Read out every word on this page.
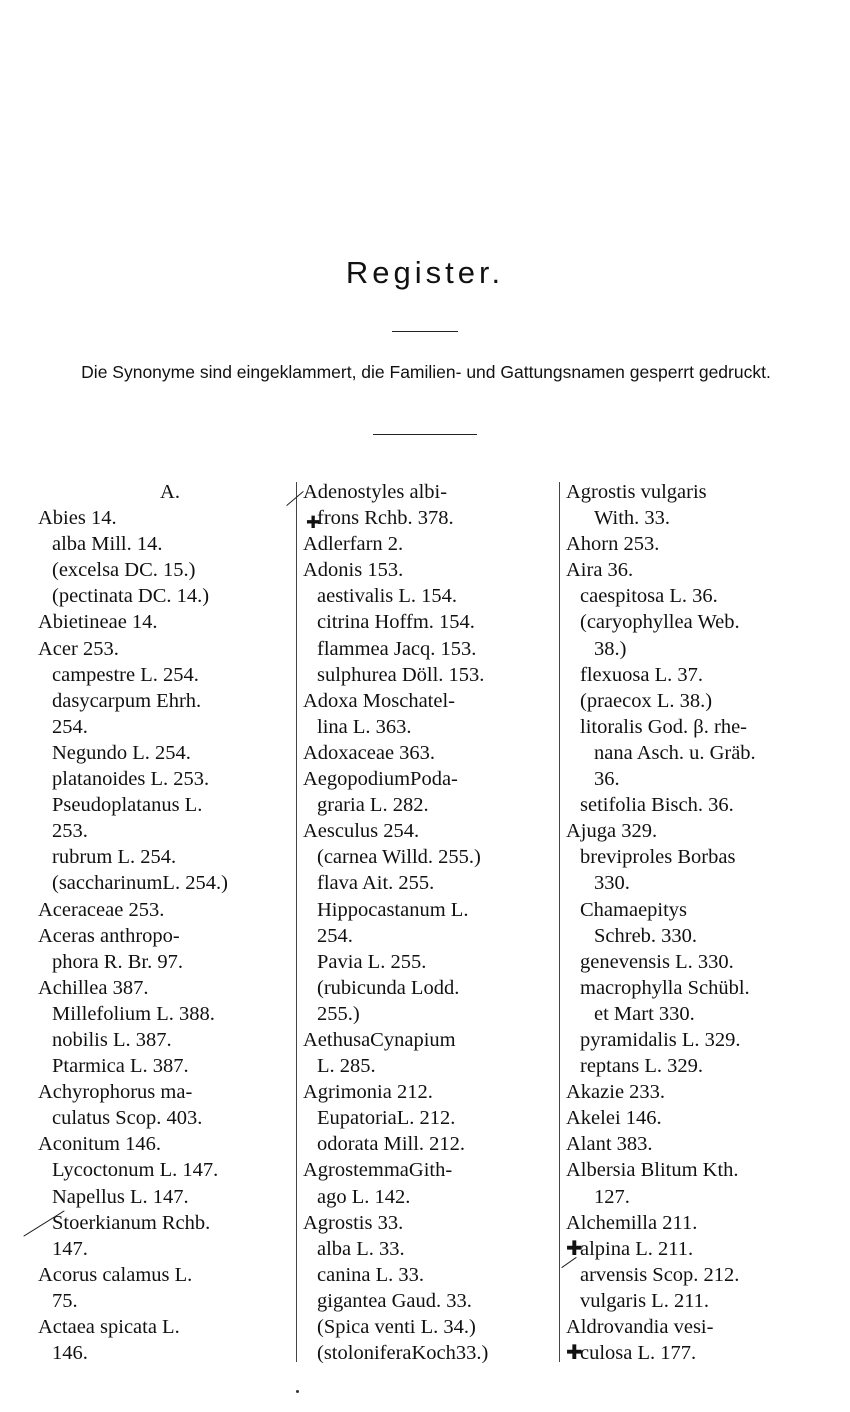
Register.
Die Synonyme sind eingeklammert, die Familien- und Gattungsnamen gesperrt gedruckt.
A.
Abies 14.
alba Mill. 14.
(excelsa DC. 15.)
(pectinata DC. 14.)
Abietineae 14.
Acer 253.
campestre L. 254.
dasycarpum Ehrh.
254.
Negundo L. 254.
platanoides L. 253.
Pseudoplatanus L.
253.
rubrum L. 254.
(saccharinumL. 254.)
Aceraceae 253.
Aceras anthropo-
phora R. Br. 97.
Achillea 387.
Millefolium L. 388.
nobilis L. 387.
Ptarmica L. 387.
Achyrophorus ma-
culatus Scop. 403.
Aconitum 146.
Lycoctonum L. 147.
Napellus L. 147.
Stoerkianum Rchb.
147.
Acorus calamus L.
75.
Actaea spicata L.
146.
Adenostyles albi-
frons Rchb. 378.
Adlerfarn 2.
Adonis 153.
aestivalis L. 154.
citrina Hoffm. 154.
flammea Jacq. 153.
sulphurea Döll. 153.
Adoxa Moschatel-
lina L. 363.
Adoxaceae 363.
AegopodiumPoda-
graria L. 282.
Aesculus 254.
(carnea Willd. 255.)
flava Ait. 255.
Hippocastanum L.
254.
Pavia L. 255.
(rubicunda Lodd.
255.)
AethusaCynapium
L. 285.
Agrimonia 212.
EupatoriaL. 212.
odorata Mill. 212.
AgrostemmaGith-
ago L. 142.
Agrostis 33.
alba L. 33.
canina L. 33.
gigantea Gaud. 33.
(Spica venti L. 34.)
(stoloniferaKoch33.)
Agrostis vulgaris
With. 33.
Ahorn 253.
Aira 36.
caespitosa L. 36.
(caryophyllea Web.
38.)
flexuosa L. 37.
(praecox L. 38.)
litoralis God. β. rhe-
nana Asch. u. Gräb.
36.
setifolia Bisch. 36.
Ajuga 329.
breviproles Borbas
330.
Chamaepitys
Schreb. 330.
genevensis L. 330.
macrophylla Schübl.
et Mart 330.
pyramidalis L. 329.
reptans L. 329.
Akazie 233.
Akelei 146.
Alant 383.
Albersia Blitum Kth.
127.
Alchemilla 211.
alpina L. 211.
arvensis Scop. 212.
vulgaris L. 211.
Aldrovandia vesi-
culosa L. 177.
✚
✚
✚
